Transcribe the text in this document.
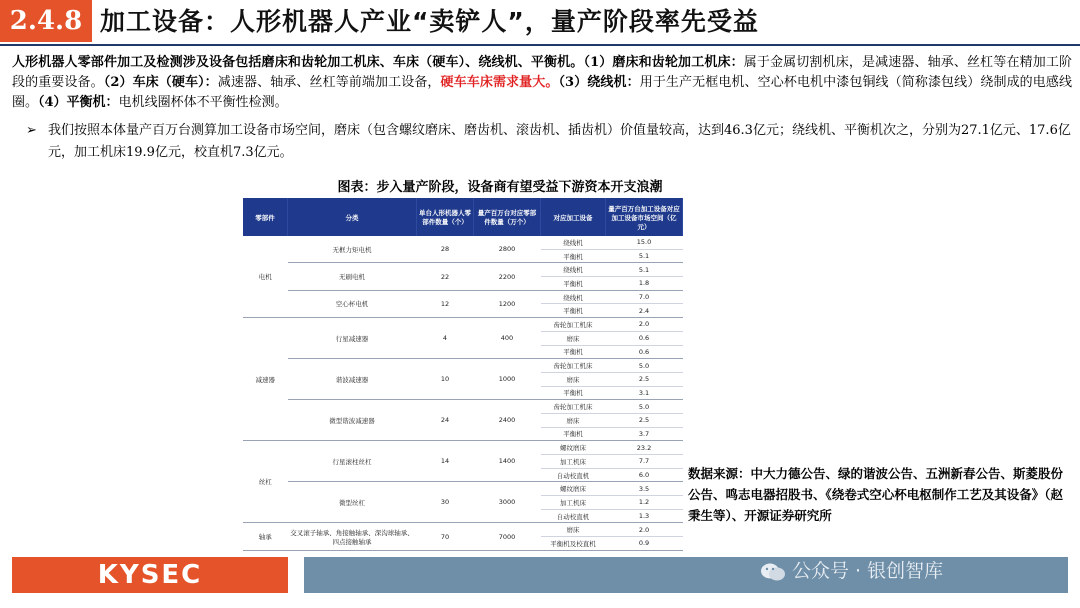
2.4.8 加工设备：人形机器人产业“卖铲人”，量产阶段率先受益
人形机器人零部件加工及检测涉及设备包括磨床和齿轮加工机床、车床（硬车）、绕线机、平衡机。（1）磨床和齿轮加工机床：属于金属切割机床，是减速器、轴承、丝杠等在精加工阶段的重要设备。（2）车床（硬车）：减速器、轴承、丝杠等前端加工设备，硬车车床需求量大。（3）绕线机：用于生产无框电机、空心杯电机中漆包铜线（简称漆包线）绕制成的电感线圈。（4）平衡机：电机线圈杯体不平衡性检测。
➢ 我们按照本体量产百万台测算加工设备市场空间，磨床（包含螺纹磨床、磨齿机、滚齿机、插齿机）价值量较高，达到46.3亿元；绕线机、平衡机次之，分别为27.1亿元、17.6亿元，加工机床19.9亿元，校直机7.3亿元。
图表：步入量产阶段，设备商有望受益下游资本开支浪潮
零部件	分类	单台人形机器人零部件数量（个）	量产百万台对应零部件数量（万个）	对应加工设备	量产百万台加工设备对应加工设备市场空间（亿元）
电机	无框力矩电机	28	2800	绕线机	15.0
				平衡机	5.1
	无刷电机	22	2200	绕线机	5.1
				平衡机	1.8
	空心杯电机	12	1200	绕线机	7.0
				平衡机	2.4
减速器	行星减速器	4	400	齿轮加工机床	2.0
				磨床	0.6
				平衡机	0.6
	谐波减速器	10	1000	齿轮加工机床	5.0
				磨床	2.5
				平衡机	3.1
	微型谐波减速器	24	2400	齿轮加工机床	5.0
				磨床	2.5
				平衡机	3.7
丝杠	行星滚柱丝杠	14	1400	螺纹磨床	23.2
				加工机床	7.7
				自动校直机	6.0
	微型丝杠	30	3000	螺纹磨床	3.5
				加工机床	1.2
				自动校直机	1.3
轴承	交叉滚子轴承、角接触轴承、深沟球轴承、四点接触轴承	70	7000	磨床	2.0
				平衡机及校直机	0.9
数据来源：中大力德公告、绿的谐波公告、五洲新春公告、斯菱股份公告、鸣志电器招股书、《绕卷式空心杯电枢制作工艺及其设备》（赵秉生等）、开源证券研究所
KYSEC	公众号 · 银创智库
